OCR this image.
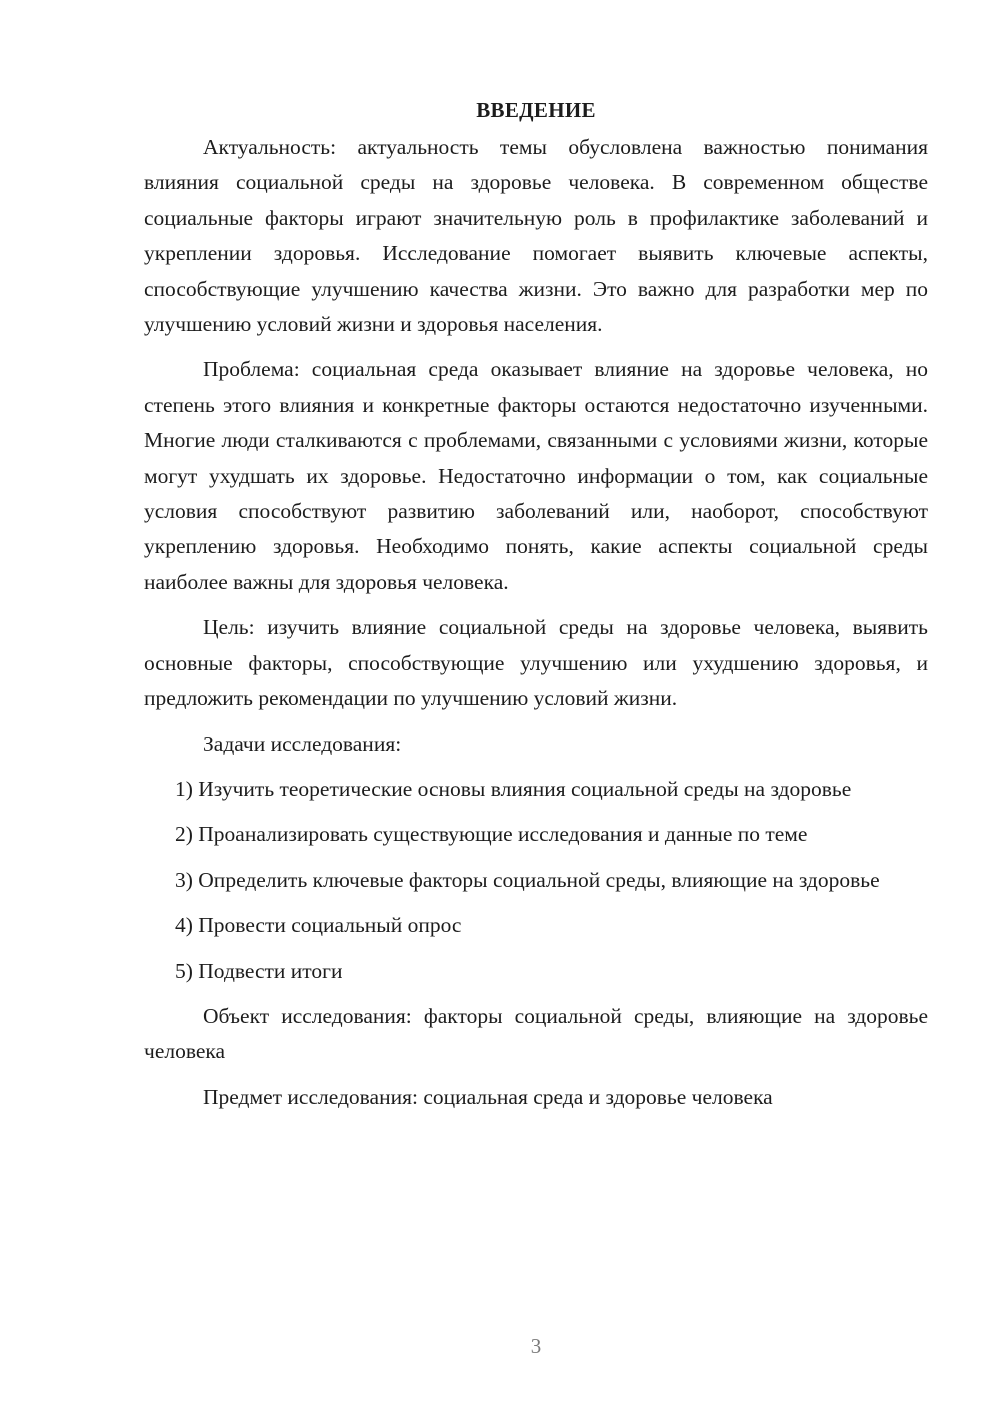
ВВЕДЕНИЕ

Актуальность: актуальность темы обусловлена важностью понимания влияния социальной среды на здоровье человека. В современном обществе социальные факторы играют значительную роль в профилактике заболеваний и укреплении здоровья. Исследование помогает выявить ключевые аспекты, способствующие улучшению качества жизни. Это важно для разработки мер по улучшению условий жизни и здоровья населения.

Проблема: социальная среда оказывает влияние на здоровье человека, но степень этого влияния и конкретные факторы остаются недостаточно изученными. Многие люди сталкиваются с проблемами, связанными с условиями жизни, которые могут ухудшать их здоровье. Недостаточно информации о том, как социальные условия способствуют развитию заболеваний или, наоборот, способствуют укреплению здоровья. Необходимо понять, какие аспекты социальной среды наиболее важны для здоровья человека.

Цель: изучить влияние социальной среды на здоровье человека, выявить основные факторы, способствующие улучшению или ухудшению здоровья, и предложить рекомендации по улучшению условий жизни.

Задачи исследования:

1) Изучить теоретические основы влияния социальной среды на здоровье

2) Проанализировать существующие исследования и данные по теме

3) Определить ключевые факторы социальной среды, влияющие на здоровье

4) Провести социальный опрос

5) Подвести итоги

Объект исследования: факторы социальной среды, влияющие на здоровье человека

Предмет исследования: социальная среда и здоровье человека

3
